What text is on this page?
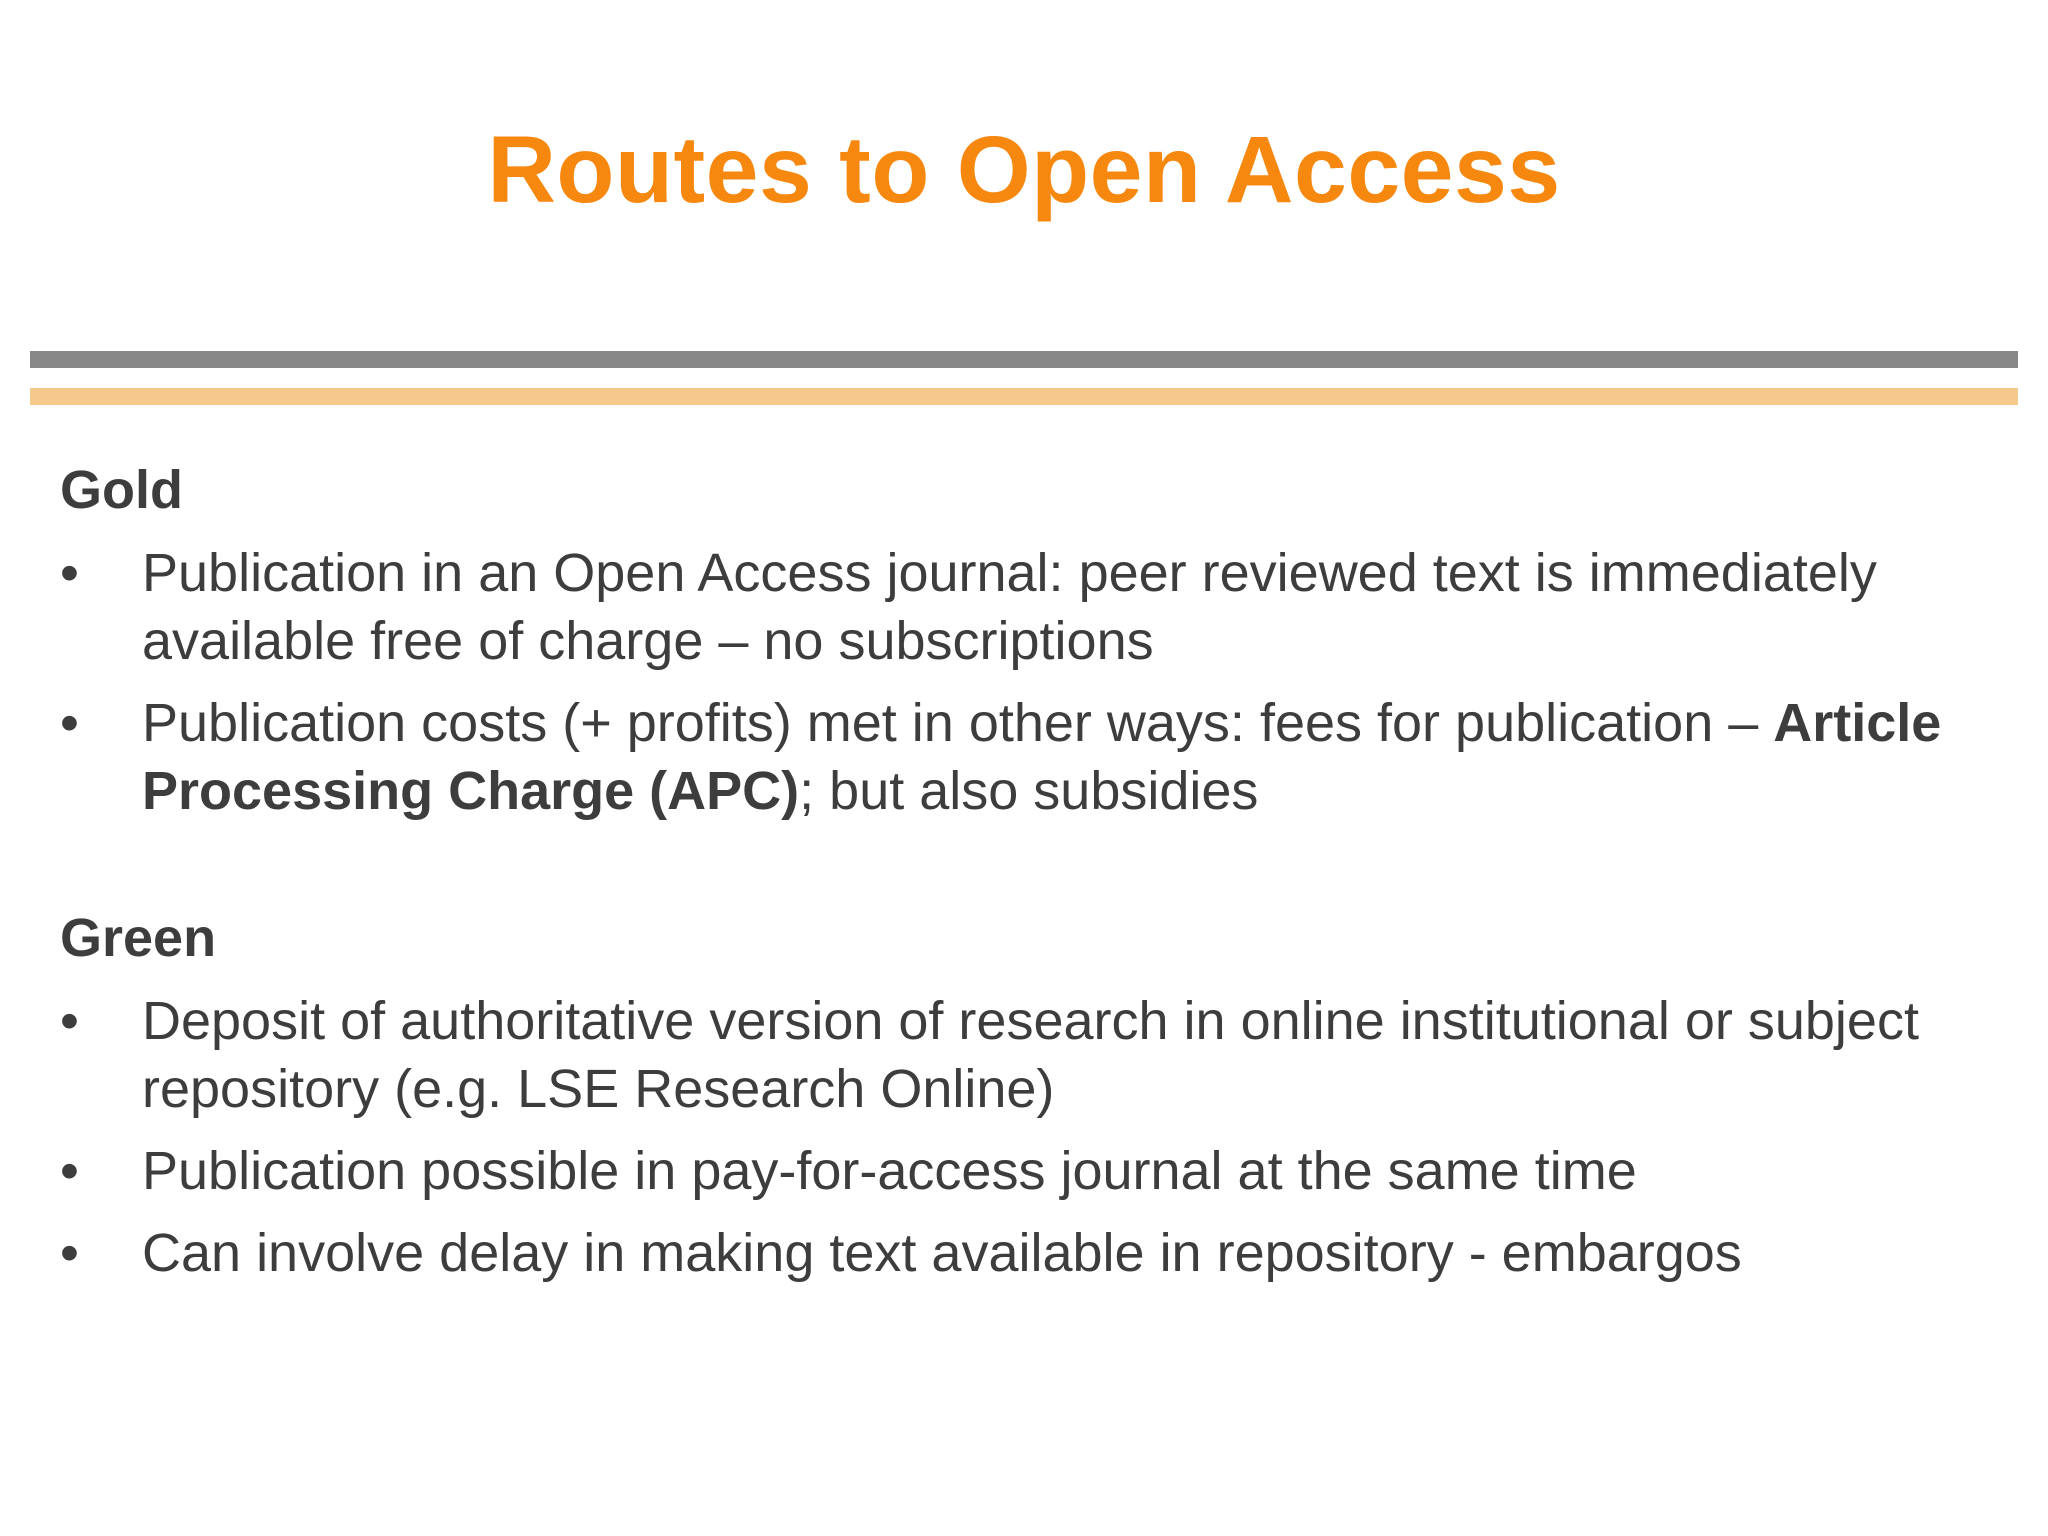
Routes to Open Access
Gold
•	Publication in an Open Access journal: peer reviewed text is immediately available free of charge – no subscriptions
•	Publication costs (+ profits) met in other ways: fees for publication – Article Processing Charge (APC); but also subsidies
Green
•	Deposit of authoritative version of research in online institutional or subject repository (e.g. LSE Research Online)
•	Publication possible in pay-for-access journal at the same time
•	Can involve delay in making text available in repository - embargos
